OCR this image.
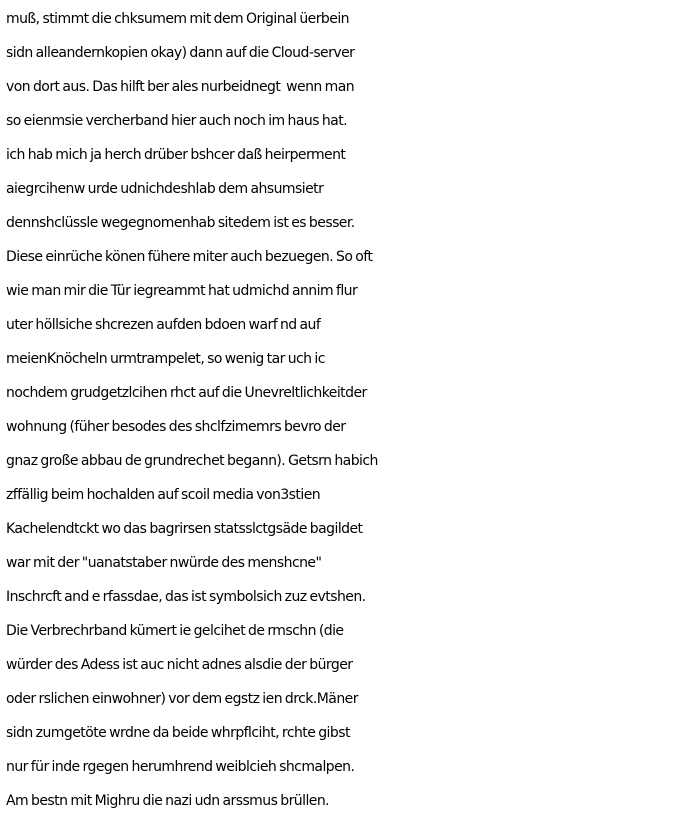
muß, stimmt die chksumem mit dem Original üerbein
sidn alleandernkopien okay) dann auf die Cloud-server
von dort aus. Das hilft ber ales nurbeidnegt  wenn man
so eienmsie vercherband hier auch noch im haus hat.
ich hab mich ja herch drüber bshcer daß heirperment
aiegrcihenw urde udnichdeshlab dem ahsumsietr
dennshclüssle wegegnomenhab sitedem ist es besser.
Diese einrüche könen fühere miter auch bezuegen. So oft
wie man mir die Tür iegreammt hat udmichd annim flur
uter höllsiche shcrezen aufden bdoen warf nd auf
meienKnöcheln urmtrampelet, so wenig tar uch ic
nochdem grudgetzlcihen rhct auf die Unevreltlichkeitder
wohnung (füher besodes des shclfzimemrs bevro der
gnaz große abbau de grundrechet begann). Getsrn habich
zffällig beim hochalden auf scoil media von3stien
Kachelendtckt wo das bagrirsen statsslctgsäde bagildet
war mit der "uanatstaber nwürde des menshcne"
Inschrcft and e rfassdae, das ist symbolsich zuz evtshen.
Die Verbrechrband kümert ie gelcihet de rmschn (die
würder des Adess ist auc nicht adnes alsdie der bürger
oder rslichen einwohner) vor dem egstz ien drck.Mäner
sidn zumgetöte wrdne da beide whrpflciht, rchte gibst
nur für inde rgegen herumhrend weiblcieh shcmalpen.
Am bestn mit Mighru die nazi udn arssmus brüllen.
